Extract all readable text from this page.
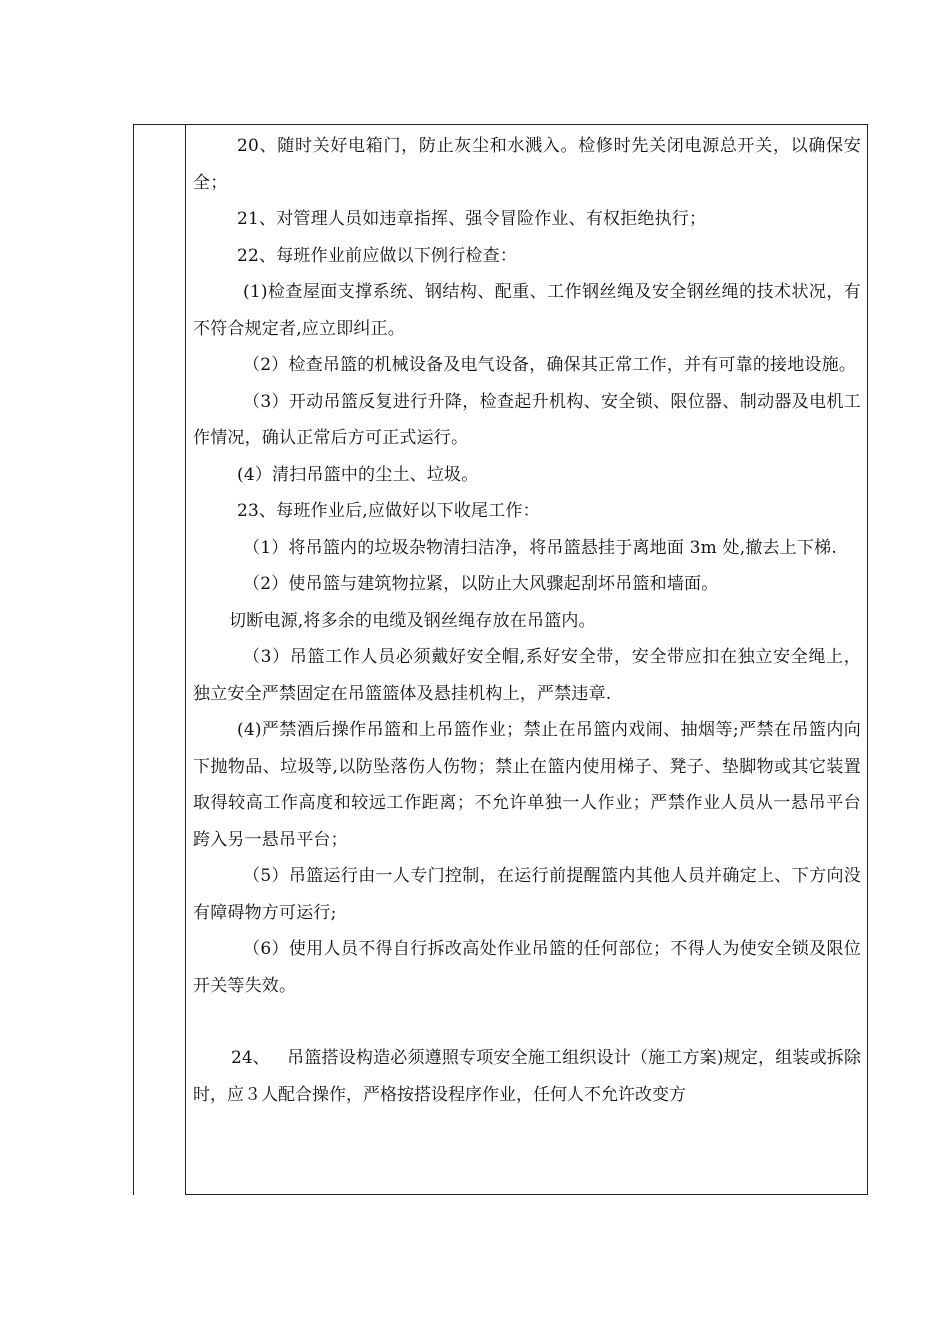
20、随时关好电箱门，防止灰尘和水溅入。检修时先关闭电源总开关，以确保安全；

21、对管理人员如违章指挥、强令冒险作业、有权拒绝执行；

22、每班作业前应做以下例行检查：

(1)检查屋面支撑系统、钢结构、配重、工作钢丝绳及安全钢丝绳的技术状况，有不符合规定者,应立即纠正。

（2）检查吊篮的机械设备及电气设备，确保其正常工作，并有可靠的接地设施。

（3）开动吊篮反复进行升降，检查起升机构、安全锁、限位器、制动器及电机工作情况，确认正常后方可正式运行。

(4）清扫吊篮中的尘土、垃圾。

23、每班作业后,应做好以下收尾工作：

（1）将吊篮内的垃圾杂物清扫洁净，将吊篮悬挂于离地面 3m 处,撤去上下梯.

（2）使吊篮与建筑物拉紧，以防止大风骤起刮坏吊篮和墙面。

切断电源,将多余的电缆及钢丝绳存放在吊篮内。

（3）吊篮工作人员必须戴好安全帽,系好安全带，安全带应扣在独立安全绳上，独立安全严禁固定在吊篮篮体及悬挂机构上，严禁违章.

(4)严禁酒后操作吊篮和上吊篮作业；禁止在吊篮内戏闹、抽烟等;严禁在吊篮内向下抛物品、垃圾等,以防坠落伤人伤物；禁止在篮内使用梯子、凳子、垫脚物或其它装置取得较高工作高度和较远工作距离；不允许单独一人作业；严禁作业人员从一悬吊平台跨入另一悬吊平台；

（5）吊篮运行由一人专门控制，在运行前提醒篮内其他人员并确定上、下方向没有障碍物方可运行;

（6）使用人员不得自行拆改高处作业吊篮的任何部位；不得人为使安全锁及限位开关等失效。

24、 吊篮搭设构造必须遵照专项安全施工组织设计（施工方案)规定，组装或拆除时，应３人配合操作，严格按搭设程序作业，任何人不允许改变方
